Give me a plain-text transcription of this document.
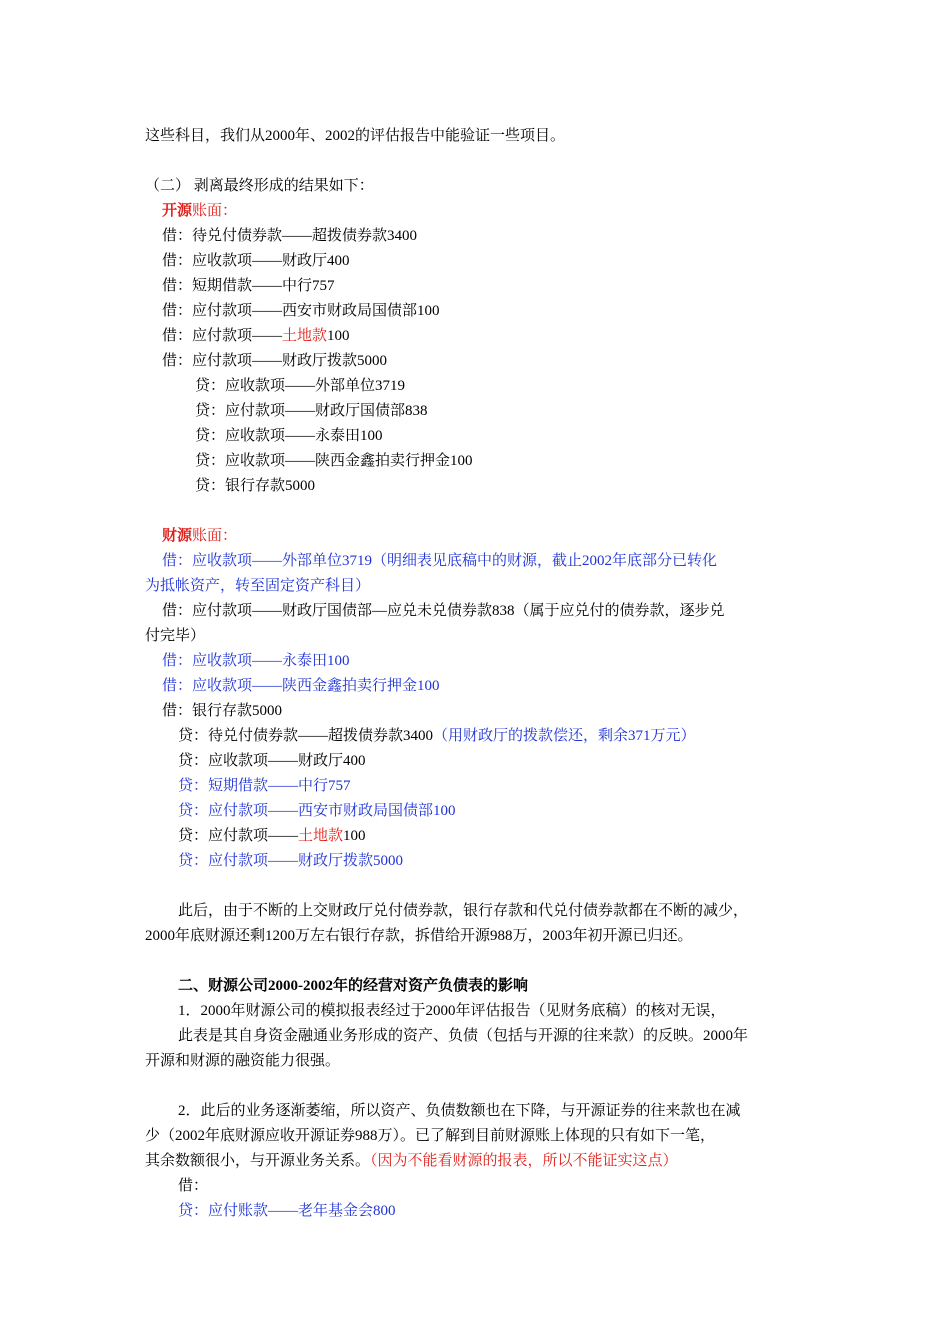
这些科目，我们从2000年、2002的评估报告中能验证一些项目。
（二） 剥离最终形成的结果如下：
开源账面：
借：待兑付债券款——超拨债券款3400
借：应收款项——财政厅400
借：短期借款——中行757
借：应付款项——西安市财政局国债部100
借：应付款项——土地款100
借：应付款项——财政厅拨款5000
贷：应收款项——外部单位3719
贷：应付款项——财政厅国债部838
贷：应收款项——永泰田100
贷：应收款项——陕西金鑫拍卖行押金100
贷：银行存款5000
财源账面：
借：应收款项——外部单位3719（明细表见底稿中的财源，截止2002年底部分已转化
为抵帐资产，转至固定资产科目）
借：应付款项——财政厅国债部—应兑未兑债券款838（属于应兑付的债券款，逐步兑
付完毕）
借：应收款项——永泰田100
借：应收款项——陕西金鑫拍卖行押金100
借：银行存款5000
贷：待兑付债券款——超拨债券款3400（用财政厅的拨款偿还，剩余371万元）
贷：应收款项——财政厅400
贷：短期借款——中行757
贷：应付款项——西安市财政局国债部100
贷：应付款项——土地款100
贷：应付款项——财政厅拨款5000
此后，由于不断的上交财政厅兑付债券款，银行存款和代兑付债券款都在不断的减少，
2000年底财源还剩1200万左右银行存款，拆借给开源988万，2003年初开源已归还。
二、财源公司2000-2002年的经营对资产负债表的影响
1．2000年财源公司的模拟报表经过于2000年评估报告（见财务底稿）的核对无误，
此表是其自身资金融通业务形成的资产、负债（包括与开源的往来款）的反映。2000年
开源和财源的融资能力很强。
2．此后的业务逐渐萎缩，所以资产、负债数额也在下降，与开源证券的往来款也在减
少（2002年底财源应收开源证券988万）。已了解到目前财源账上体现的只有如下一笔，
其余数额很小，与开源业务关系。（因为不能看财源的报表，所以不能证实这点）
借：
贷：应付账款——老年基金会800
